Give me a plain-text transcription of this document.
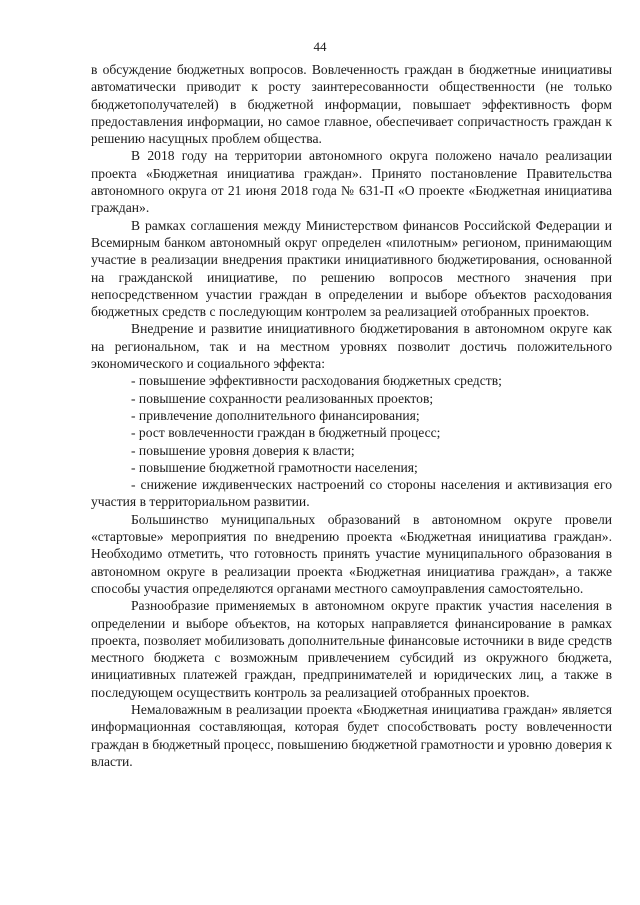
44

в обсуждение бюджетных вопросов. Вовлеченность граждан в бюджетные инициативы автоматически приводит к росту заинтересованности общественности (не только бюджетополучателей) в бюджетной информации, повышает эффективность форм предоставления информации, но самое главное, обеспечивает сопричастность граждан к решению насущных проблем общества.

В 2018 году на территории автономного округа положено начало реализации проекта «Бюджетная инициатива граждан». Принято постановление Правительства автономного округа от 21 июня 2018 года № 631-П «О проекте «Бюджетная инициатива граждан».

В рамках соглашения между Министерством финансов Российской Федерации и Всемирным банком автономный округ определен «пилотным» регионом, принимающим участие в реализации внедрения практики инициативного бюджетирования, основанной на гражданской инициативе, по решению вопросов местного значения при непосредственном участии граждан в определении и выборе объектов расходования бюджетных средств с последующим контролем за реализацией отобранных проектов.

Внедрение и развитие инициативного бюджетирования в автономном округе как на региональном, так и на местном уровнях позволит достичь положительного экономического и социального эффекта:

- повышение эффективности расходования бюджетных средств;

- повышение сохранности реализованных проектов;

- привлечение дополнительного финансирования;

- рост вовлеченности граждан в бюджетный процесс;

- повышение уровня доверия к власти;

- повышение бюджетной грамотности населения;

- снижение иждивенческих настроений со стороны населения и активизация его участия в территориальном развитии.

Большинство муниципальных образований в автономном округе провели «стартовые» мероприятия по внедрению проекта «Бюджетная инициатива граждан». Необходимо отметить, что готовность принять участие муниципального образования в автономном округе в реализации проекта «Бюджетная инициатива граждан», а также способы участия определяются органами местного самоуправления самостоятельно.

Разнообразие применяемых в автономном округе практик участия населения в определении и выборе объектов, на которых направляется финансирование в рамках проекта, позволяет мобилизовать дополнительные финансовые источники в виде средств местного бюджета с возможным привлечением субсидий из окружного бюджета, инициативных платежей граждан, предпринимателей и юридических лиц, а также в последующем осуществить контроль за реализацией отобранных проектов.

Немаловажным в реализации проекта «Бюджетная инициатива граждан» является информационная составляющая, которая будет способствовать росту вовлеченности граждан в бюджетный процесс, повышению бюджетной грамотности и уровню доверия к власти.
